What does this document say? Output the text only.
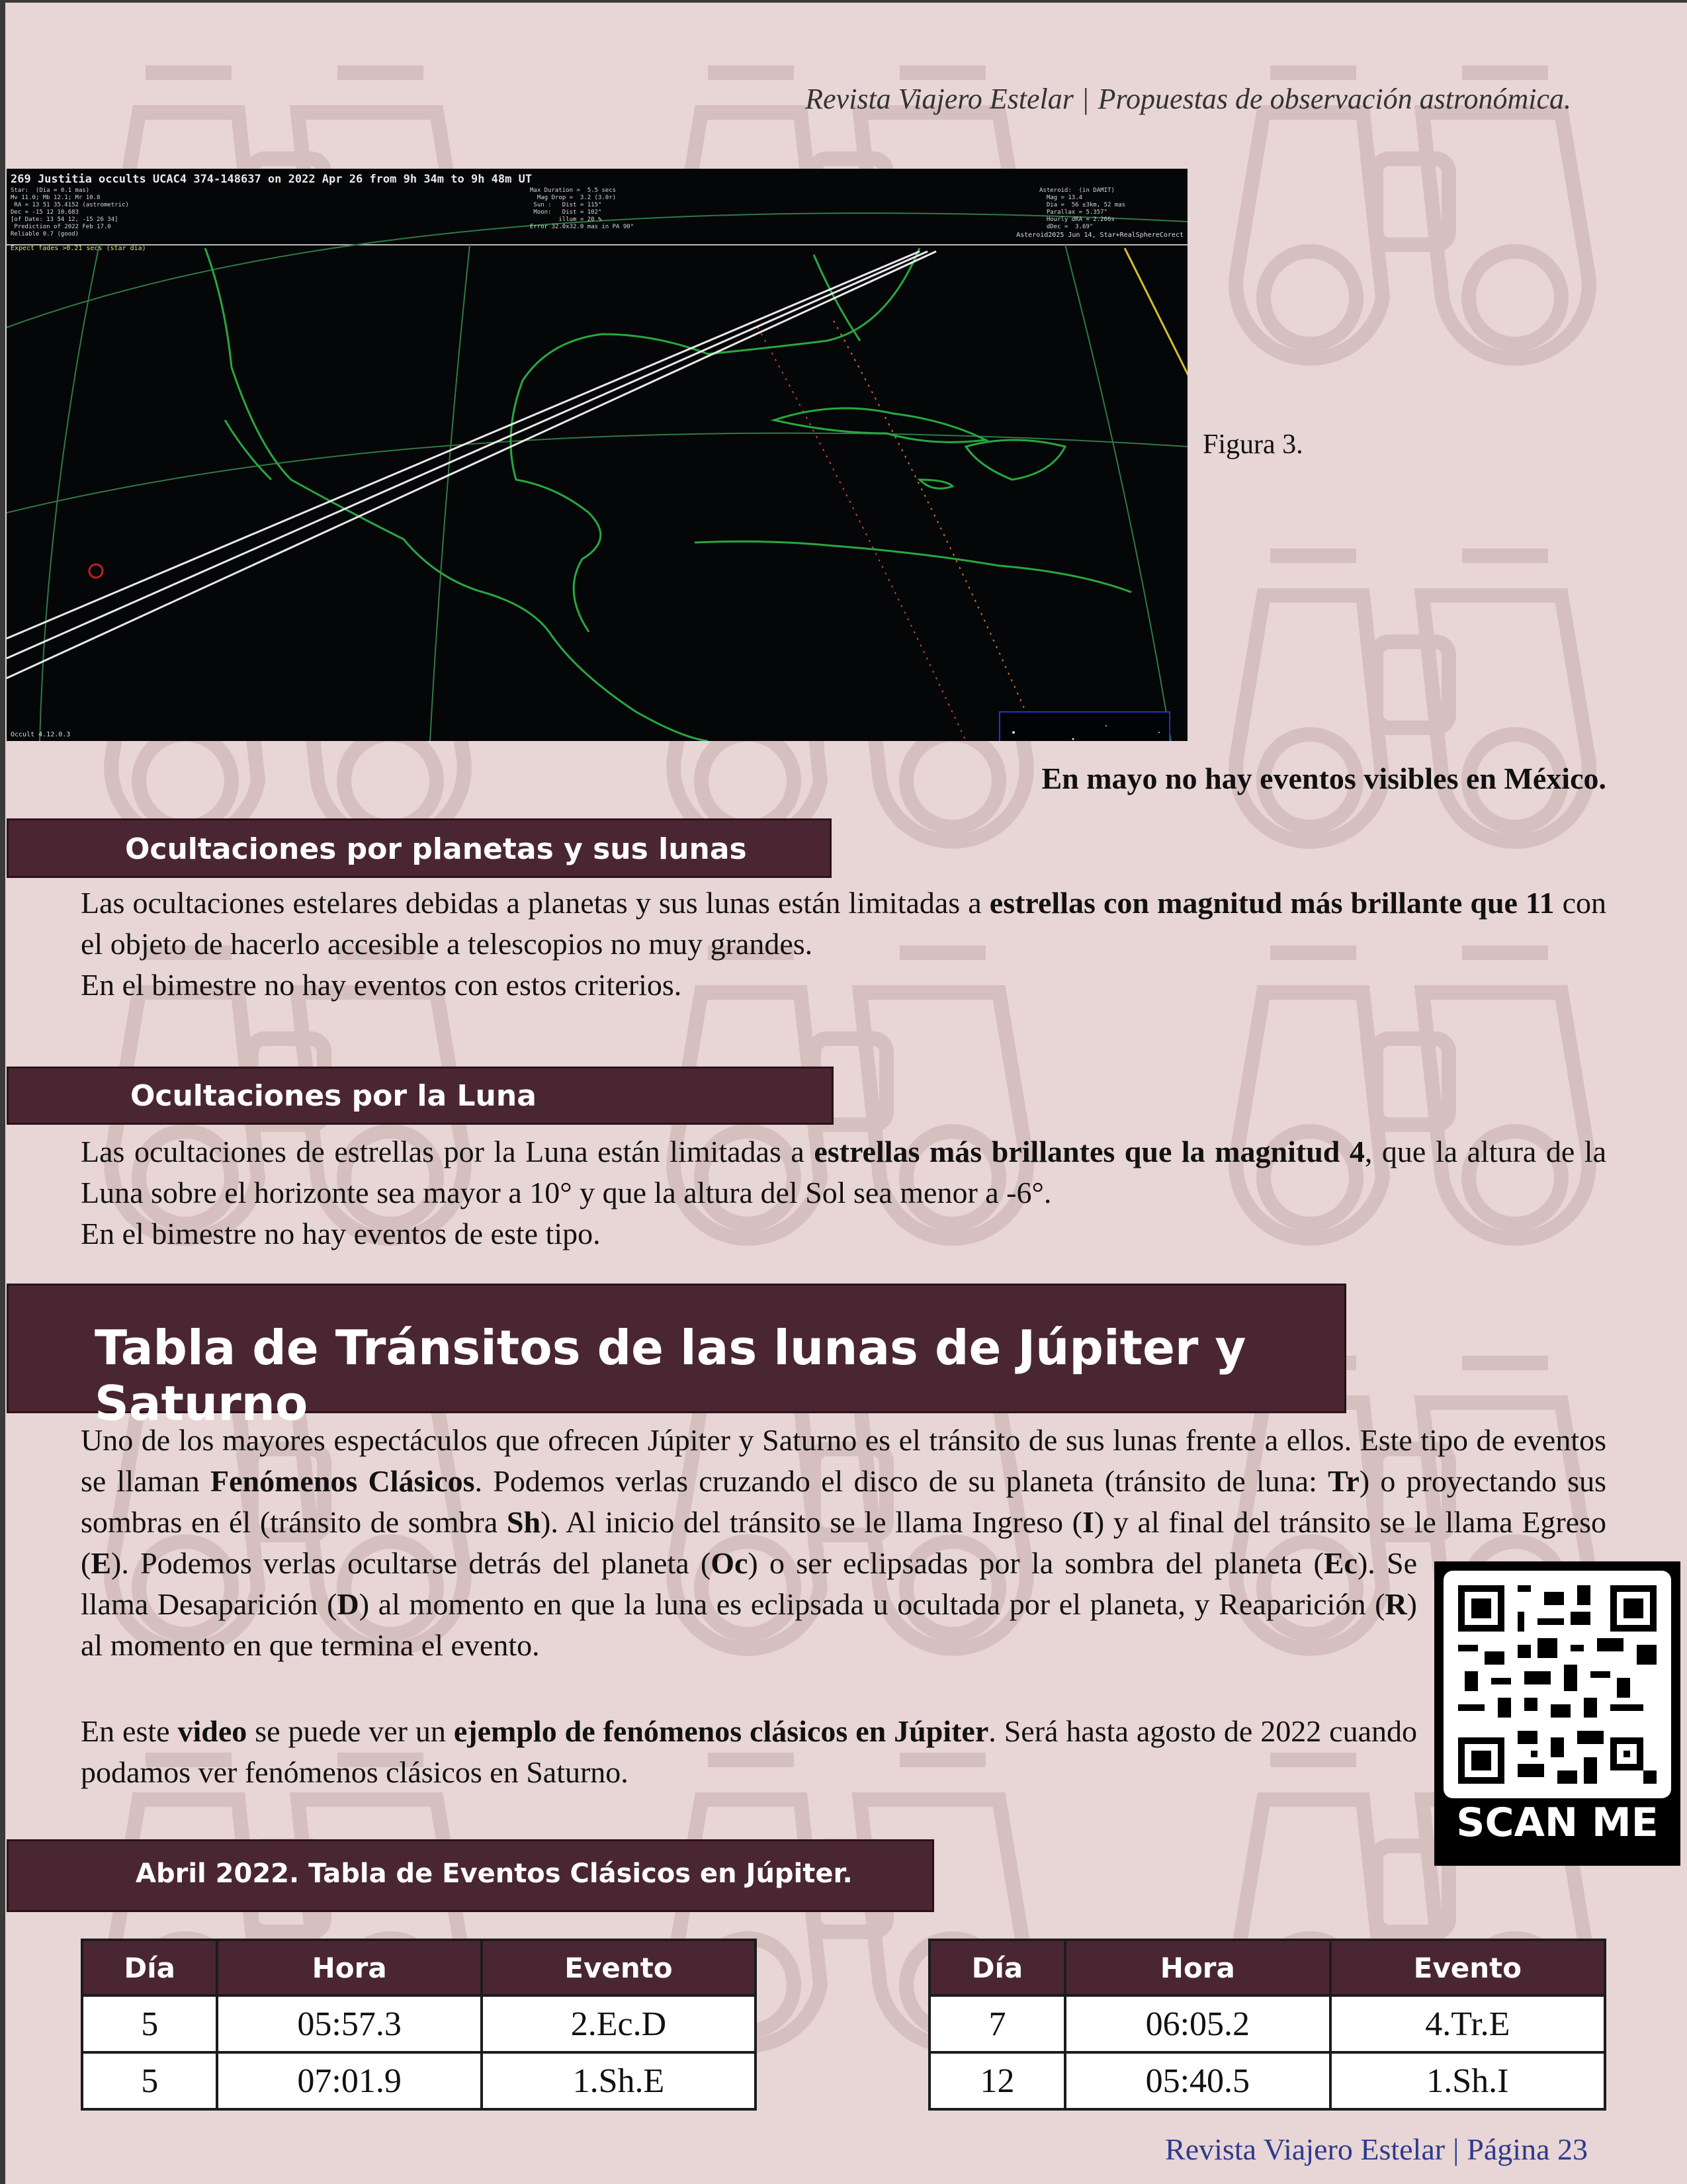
Revista Viajero Estelar | Propuestas de observación astronómica.
269 Justitia occults UCAC4 374-148637 on 2022 Apr 26 from 9h 34m to 9h 48m UT
Star:  (Dia = 0.1 mas)
Mv 11.0; Mb 12.1; Mr 10.8
RA = 13 51 35.4152 (astrometric)
Dec = -15 12 10.683
[of Date: 13 54 12, -15 26 34]
Prediction of 2022 Feb 17.0
Reliable 0.7 (good)
Max Duration =  5.5 secs
Mag Drop =  3.2 (3.0r)
Sun :   Dist = 115°
Moon:   Dist = 102°
illum = 20 %
Error 32.0x32.0 mas in PA 90°
Asteroid:  (in DAMIT)
Mag = 13.4
Dia =  56 ±3km, 52 mas
Parallax = 5.357"
Hourly dRA = 2.266s
dDec =  3.69"
Asteroid2025 Jun 14, Star+RealSphereCorect
Expect fades >0.21 secs (star dia)
Occult 4.12.0.3
Figura 3.
En mayo no hay eventos visibles en México.
Ocultaciones por planetas y sus lunas
Las ocultaciones estelares debidas a planetas y sus lunas están limitadas a estrellas con magnitud más brillante que 11 con el objeto de hacerlo accesible a telescopios no muy grandes.
En el bimestre no hay eventos con estos criterios.
Ocultaciones por la Luna
Las ocultaciones de estrellas por la Luna están limitadas a estrellas más brillantes que la magnitud 4, que la altura de la Luna sobre el horizonte sea mayor a 10° y que la altura del Sol sea menor a -6°.
En el bimestre no hay eventos de este tipo.
Tabla de Tránsitos de las lunas de Júpiter y Saturno
Uno de los mayores espectáculos que ofrecen Júpiter y Saturno es el tránsito de sus lunas frente a ellos. Este tipo de eventos se llaman Fenómenos Clásicos. Podemos verlas cruzando el disco de su planeta (tránsito de luna: Tr) o proyectando sus sombras en él (tránsito de sombra Sh). Al inicio del tránsito se le llama Ingreso (I) y al final del tránsito se le llama Egreso (E). Podemos verlas ocultarse detrás del planeta (Oc) o ser eclipsadas por la sombra del planeta (Ec). Se llama Desaparición (D) al momento en que la luna es eclipsada u ocultada por el planeta, y Reaparición (R) al momento en que termina el evento.
En este video se puede ver un ejemplo de fenómenos clásicos en Júpiter. Será hasta agosto de 2022 cuando podamos ver fenómenos clásicos en Saturno.
SCAN ME
Abril 2022. Tabla de Eventos Clásicos en Júpiter.
Día	Hora	Evento
5	05:57.3	2.Ec.D
5	07:01.9	1.Sh.E
Día	Hora	Evento
7	06:05.2	4.Tr.E
12	05:40.5	1.Sh.I
Revista Viajero Estelar | Página 23
